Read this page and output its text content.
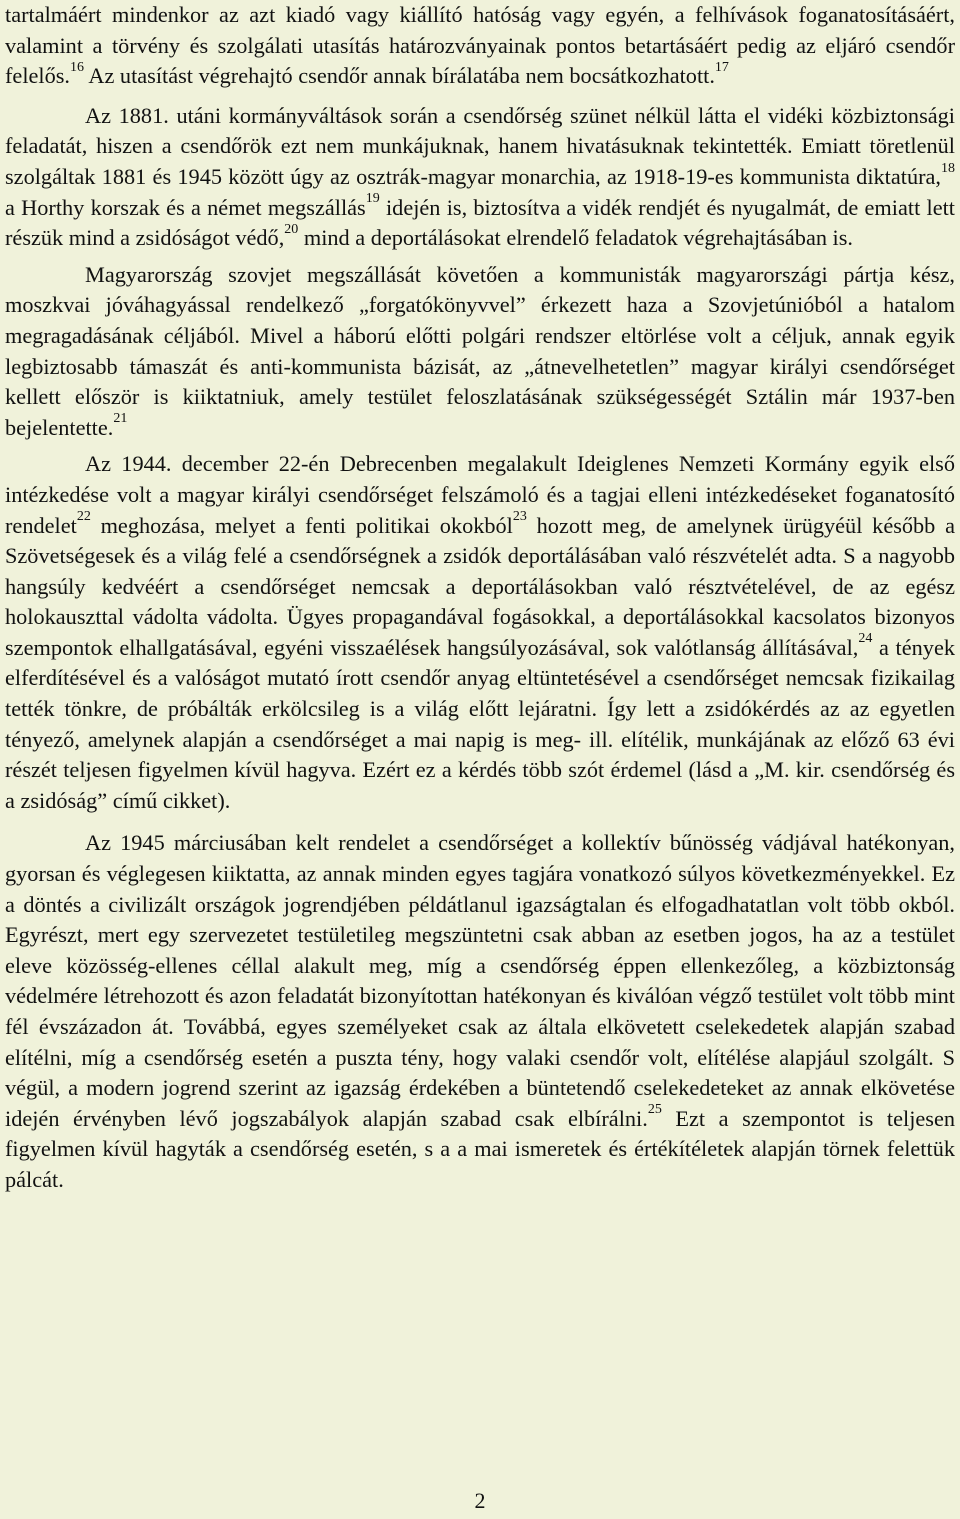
tartalmáért mindenkor az azt kiadó vagy kiállító hatóság vagy egyén, a felhívások foganatosításáért, valamint a törvény és szolgálati utasítás határozványainak pontos betartásáért pedig az eljáró csendőr felelős.$^{16}$ Az utasítást végrehajtó csendőr annak bírálatába nem bocsátkozhatott.$^{17}$

Az 1881. utáni kormányváltások során a csendőrség szünet nélkül látta el vidéki közbiztonsági feladatát, hiszen a csendőrök ezt nem munkájuknak, hanem hivatásuknak tekintették. Emiatt töretlenül szolgáltak 1881 és 1945 között úgy az osztrák-magyar monarchia, az 1918-19-es kommunista diktatúra,$^{18}$ a Horthy korszak és a német megszállás$^{19}$ idején is, biztosítva a vidék rendjét és nyugalmát, de emiatt lett részük mind a zsidóságot védő,$^{20}$ mind a deportálásokat elrendelő feladatok végrehajtásában is.

Magyarország szovjet megszállását követően a kommunisták magyarországi pártja kész, moszkvai jóváhagyással rendelkező „forgatókönyvvel” érkezett haza a Szovjetúnióból a hatalom megragadásának céljából. Mivel a háború előtti polgári rendszer eltörlése volt a céljuk, annak egyik legbiztosabb támaszát és anti-kommunista bázisát, az „átnevelhetetlen” magyar királyi csendőrséget kellett először is kiiktatniuk, amely testület feloszlatásának szükségességét Sztálin már 1937-ben bejelentette.$^{21}$

Az 1944. december 22-én Debrecenben megalakult Ideiglenes Nemzeti Kormány egyik első intézkedése volt a magyar királyi csendőrséget felszámoló és a tagjai elleni intézkedéseket foganatosító rendelet$^{22}$ meghozása, melyet a fenti politikai okokból$^{23}$ hozott meg, de amelynek ürügyéül később a Szövetségesek és a világ felé a csendőrségnek a zsidók deportálásában való részvételét adta. S a nagyobb hangsúly kedvéért a csendőrséget nemcsak a deportálásokban való résztvételével, de az egész holokauszttal vádolta vádolta. Ügyes propagandával fogásokkal, a deportálásokkal kacsolatos bizonyos szempontok elhallgatásával, egyéni visszaélések hangsúlyozásával, sok valótlanság állításával,$^{24}$ a tények elferdítésével és a valóságot mutató írott csendőr anyag eltüntetésével a csendőrséget nemcsak fizikailag tették tönkre, de próbálták erkölcsileg is a világ előtt lejáratni. Így lett a zsidókérdés az az egyetlen tényező, amelynek alapján a csendőrséget a mai napig is meg- ill. elítélik, munkájának az előző 63 évi részét teljesen figyelmen kívül hagyva. Ezért ez a kérdés több szót érdemel (lásd a „M. kir. csendőrség és a zsidóság” című cikket).

Az 1945 márciusában kelt rendelet a csendőrséget a kollektív bűnösség vádjával hatékonyan, gyorsan és véglegesen kiiktatta, az annak minden egyes tagjára vonatkozó súlyos következményekkel. Ez a döntés a civilizált országok jogrendjében példátlanul igazságtalan és elfogadhatatlan volt több okból. Egyrészt, mert egy szervezetet testületileg megszüntetni csak abban az esetben jogos, ha az a testület eleve közösség-ellenes céllal alakult meg, míg a csendőrség éppen ellenkezőleg, a közbiztonság védelmére létrehozott és azon feladatát bizonyítottan hatékonyan és kiválóan végző testület volt több mint fél évszázadon át. Továbbá, egyes személyeket csak az általa elkövetett cselekedetek alapján szabad elítélni, míg a csendőrség esetén a puszta tény, hogy valaki csendőr volt, elítélése alapjául szolgált. S végül, a modern jogrend szerint az igazság érdekében a büntetendő cselekedeteket az annak elkövetése idején érvényben lévő jogszabályok alapján szabad csak elbírálni.$^{25}$ Ezt a szempontot is teljesen figyelmen kívül hagyták a csendőrség esetén, s a a mai ismeretek és értékítéletek alapján törnek felettük pálcát.

2
